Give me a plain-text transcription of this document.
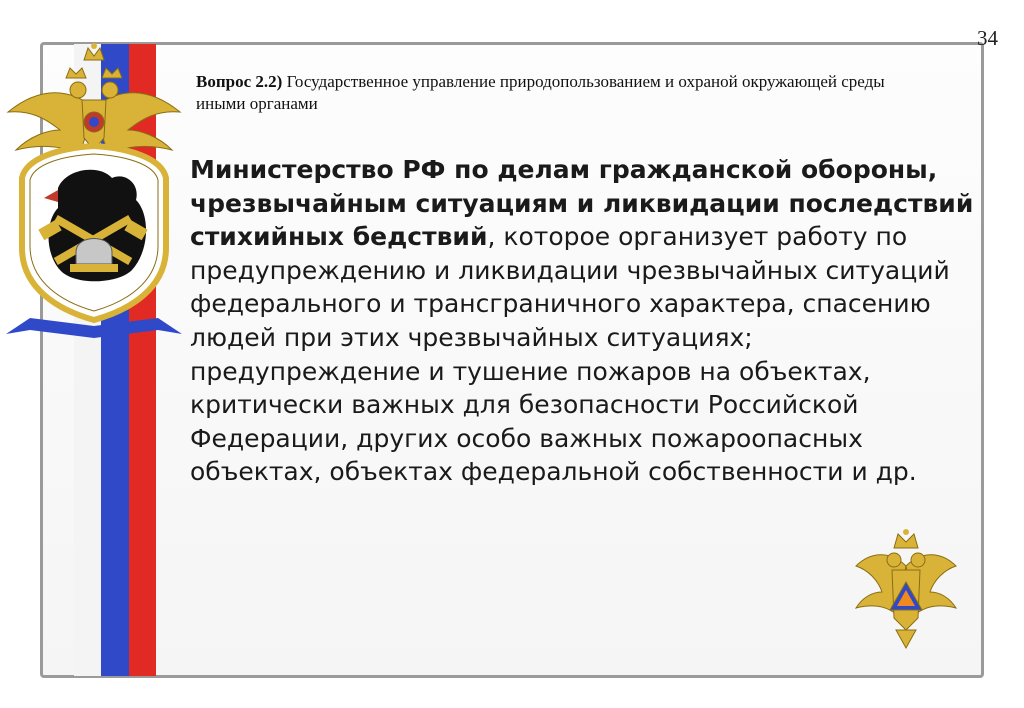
34
Вопрос 2.2) Государственное управление природопользованием и охраной окружающей среды иными органами
Министерство РФ по делам гражданской обороны, чрезвычайным ситуациям и ликвидации последствий стихийных бедствий, которое организует работу по предупреждению и ликвидации чрезвычайных ситуаций федерального и трансграничного характера, спасению людей при этих чрезвычайных ситуациях; предупреждение и тушение пожаров на объектах, критически важных для безопасности Российской Федерации, других особо важных пожароопасных объектах, объектах федеральной собственности и др.
